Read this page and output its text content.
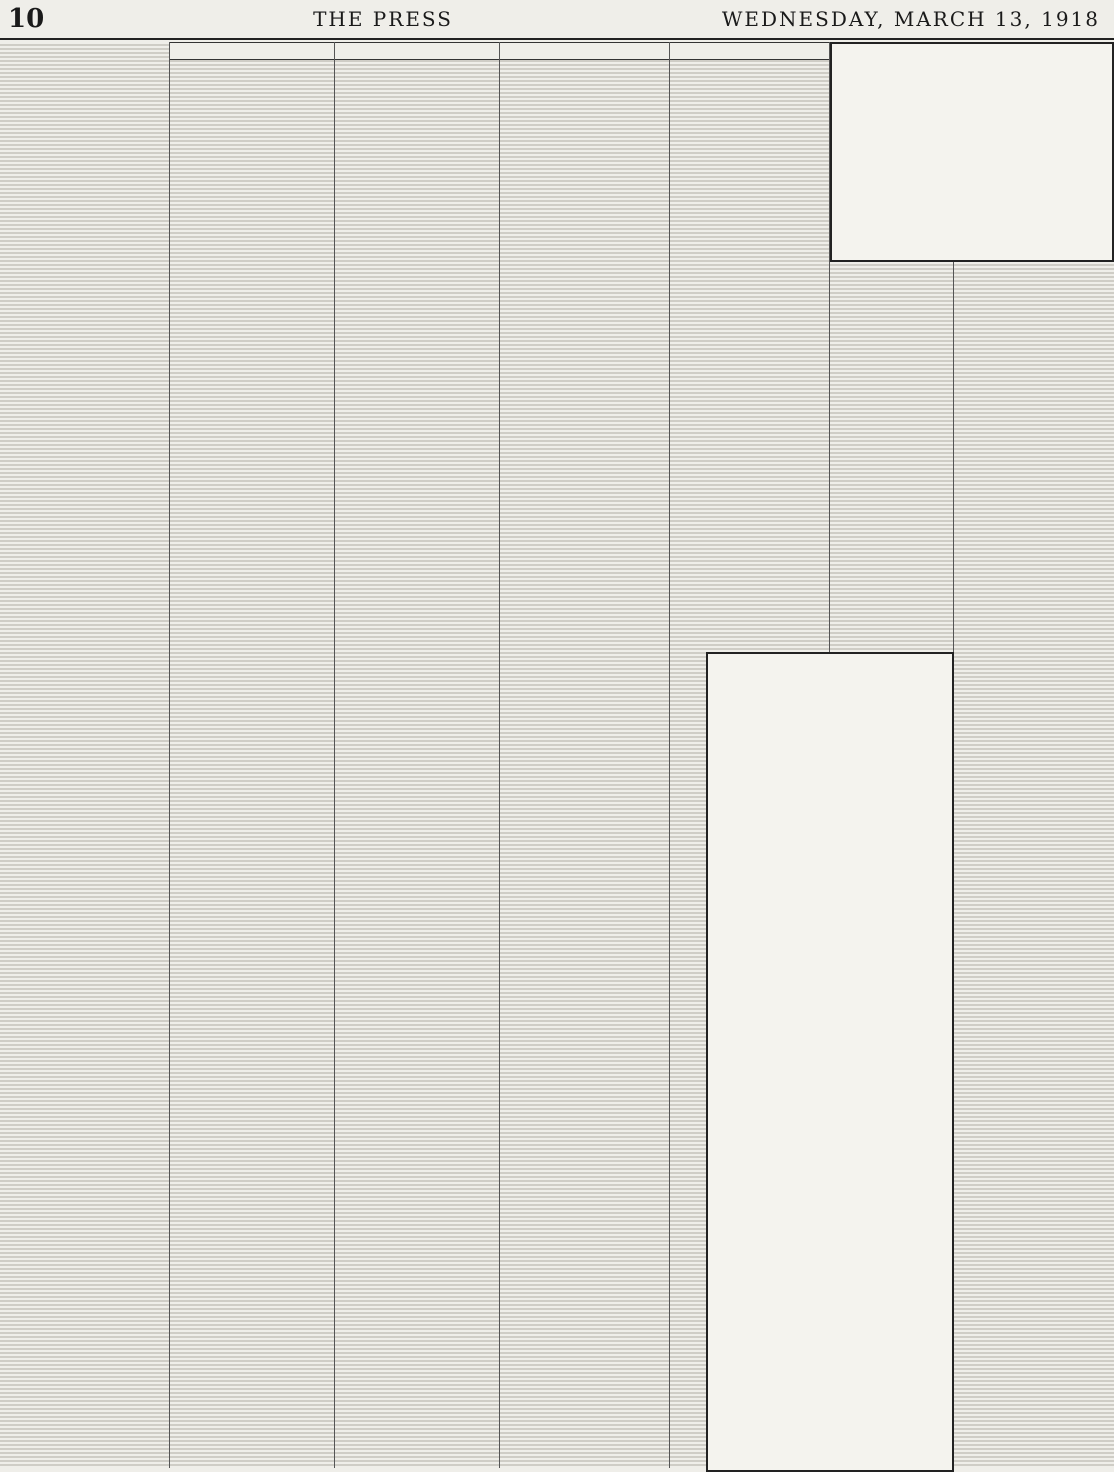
10	THE PRESS	WEDNESDAY, MARCH 13, 1918
